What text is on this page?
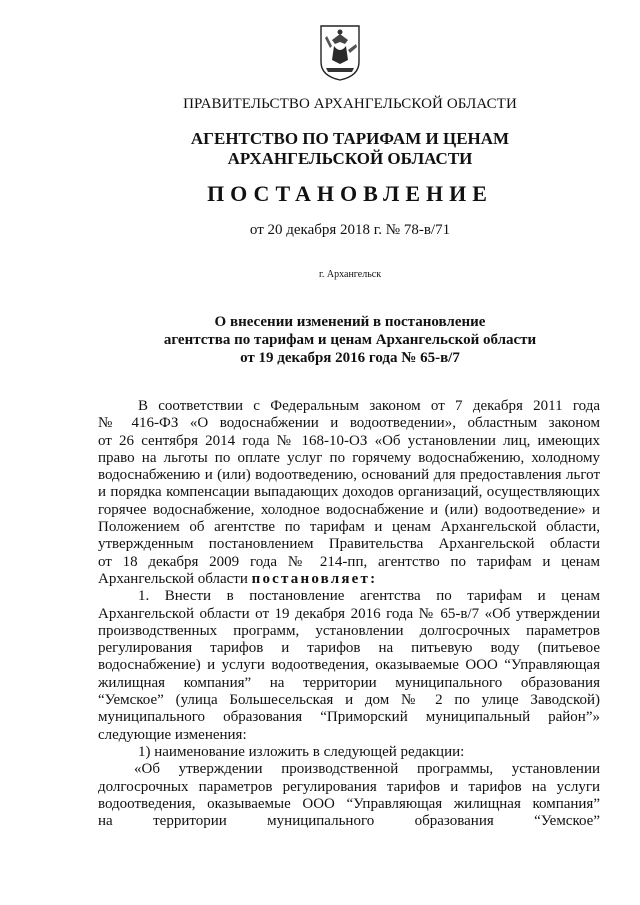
ПРАВИТЕЛЬСТВО АРХАНГЕЛЬСКОЙ ОБЛАСТИ
АГЕНТСТВО ПО ТАРИФАМ И ЦЕНАМ
АРХАНГЕЛЬСКОЙ ОБЛАСТИ
ПОСТАНОВЛЕНИЕ
от 20 декабря 2018 г. № 78-в/71
г. Архангельск
О внесении изменений в постановление
агентства по тарифам и ценам Архангельской области
от 19 декабря 2016 года № 65-в/7
В соответствии с Федеральным законом от 7 декабря 2011 года
№ 416-ФЗ «О водоснабжении и водоотведении», областным законом
от 26 сентября 2014 года № 168-10-ОЗ «Об установлении лиц, имеющих
право на льготы по оплате услуг по горячему водоснабжению, холодному
водоснабжению и (или) водоотведению, оснований для предоставления льгот
и порядка компенсации выпадающих доходов организаций, осуществляющих
горячее водоснабжение, холодное водоснабжение и (или) водоотведение» и
Положением об агентстве по тарифам и ценам Архангельской области,
утвержденным постановлением Правительства Архангельской области
от 18 декабря 2009 года № 214-пп, агентство по тарифам и ценам
Архангельской области постановляет:
1. Внести в постановление агентства по тарифам и ценам
Архангельской области от 19 декабря 2016 года № 65-в/7 «Об утверждении
производственных программ, установлении долгосрочных параметров
регулирования тарифов и тарифов на питьевую воду (питьевое
водоснабжение) и услуги водоотведения, оказываемые ООО “Управляющая
жилищная компания” на территории муниципального образования
“Уемское” (улица Большесельская и дом № 2 по улице Заводской)
муниципального образования “Приморский муниципальный район”»
следующие изменения:
1) наименование изложить в следующей редакции:
«Об утверждении производственной программы, установлении
долгосрочных параметров регулирования тарифов и тарифов на услуги
водоотведения, оказываемые ООО “Управляющая жилищная компания”
на территории муниципального образования “Уемское”
